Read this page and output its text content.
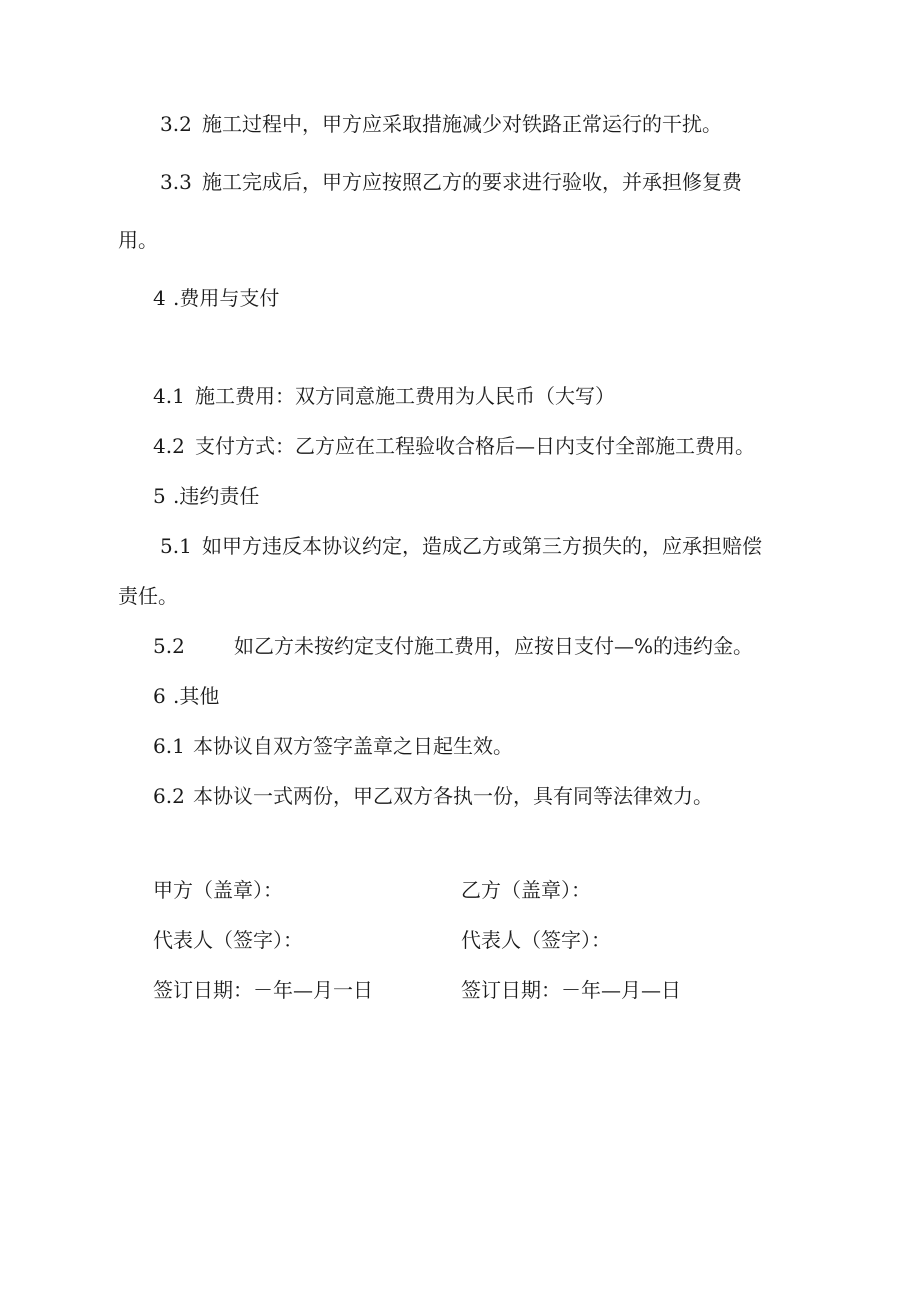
3.2 施工过程中，甲方应采取措施减少对铁路正常运行的干扰。
3.3 施工完成后，甲方应按照乙方的要求进行验收，并承担修复费
用。
4 .费用与支付
4.1 施工费用：双方同意施工费用为人民币（大写）
4.2 支付方式：乙方应在工程验收合格后—日内支付全部施工费用。
5 .违约责任
5.1 如甲方违反本协议约定，造成乙方或第三方损失的，应承担赔偿
责任。
5.2 如乙方未按约定支付施工费用，应按日支付—%的违约金。
6 .其他
6.1 本协议自双方签字盖章之日起生效。
6.2 本协议一式两份，甲乙双方各执一份，具有同等法律效力。
甲方（盖章）：
代表人（签字）：
签订日期：－年—月一日
乙方（盖章）：
代表人（签字）：
签订日期：－年—月—日
